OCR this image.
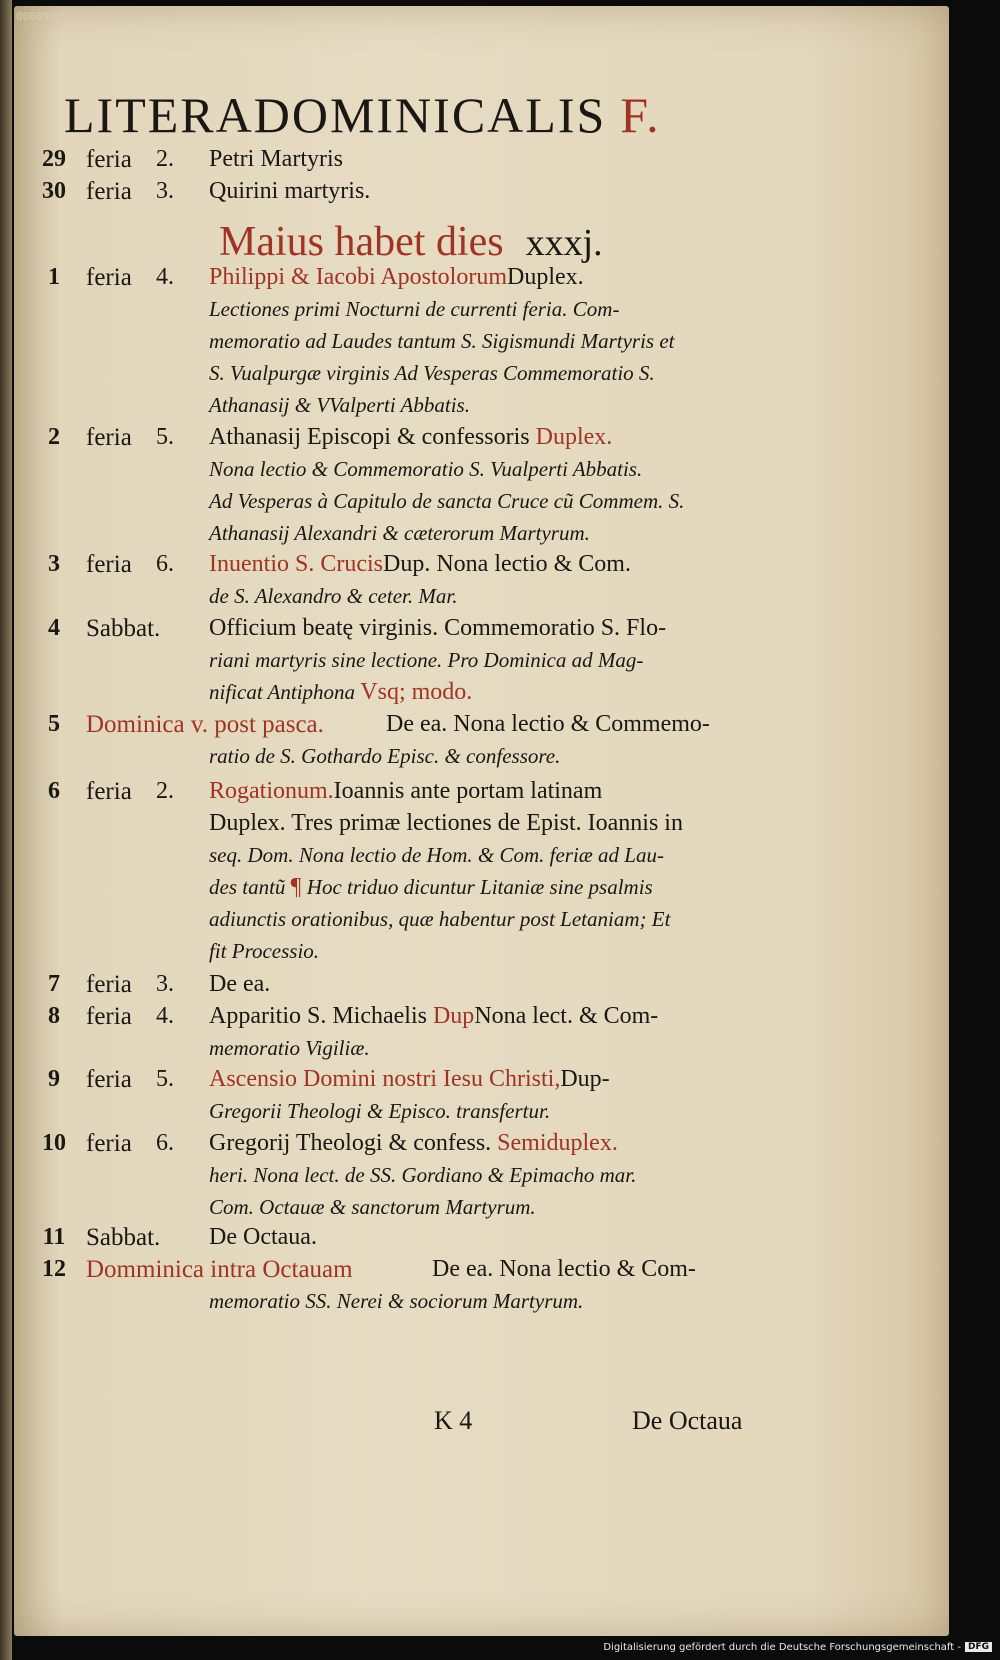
00089729
LITERADOMINICALIS F.
Maius habet dies xxxj.
29 feria 2. Petri Martyris
30 feria 3. Quirini martyris.
1	feria 4. Philippi & Iacobi ApostolorumDuplex.
Lectiones primi Nocturni de currenti feria. Com-
memoratio ad Laudes tantum S. Sigismundi Martyris et
S. Vualpurgæ virginis Ad Vesperas Commemoratio S.
Athanasij & VValperti Abbatis.
2	feria 5. Athanasij Episcopi & confessoris Duplex.
Nona lectio & Commemoratio S. Vualperti Abbatis.
Ad Vesperas à Capitulo de sancta Cruce cũ Commem. S.
Athanasij Alexandri & cæterorum Martyrum.
3	feria 6. Inuentio S. CrucisDup. Nona lectio & Com.
de S. Alexandro & ceter. Mar.
4	Sabbat. Officium beatę virginis. Commemoratio S. Flo-
riani martyris sine lectione. Pro Dominica ad Mag-
nificat Antiphona Vsq; modo.
5	Dominica v. post pasca.	De ea. Nona lectio & Commemo-
ratio de S. Gothardo Episc. & confessore.
6	feria 2. Rogationum.Ioannis ante portam latinam
Duplex. Tres primæ lectiones de Epist. Ioannis in
seq. Dom. Nona lectio de Hom. & Com. feriæ ad Lau-
des tantũ ¶ Hoc triduo dicuntur Litaniæ sine psalmis
adiunctis orationibus, quæ habentur post Letaniam; Et
fit Processio.
7	feria 3. De ea.
8	feria 4. Apparitio S. Michaelis DupNona lect. & Com-
memoratio Vigiliæ.
9	feria 5. Ascensio Domini nostri Iesu Christi,Dup-
Gregorii Theologi & Episco. transfertur.
10 feria 6. Gregorij Theologi & confess. Semiduplex.
heri. Nona lect. de SS. Gordiano & Epimacho mar.
Com. Octauæ & sanctorum Martyrum.
11 Sabbat. De Octaua.
12 Domminica intra Octauam	De ea. Nona lectio & Com-
memoratio SS. Nerei & sociorum Martyrum.
K 4	De Octaua
Digitalisierung gefördert durch die Deutsche Forschungsgemeinschaft - DFG
